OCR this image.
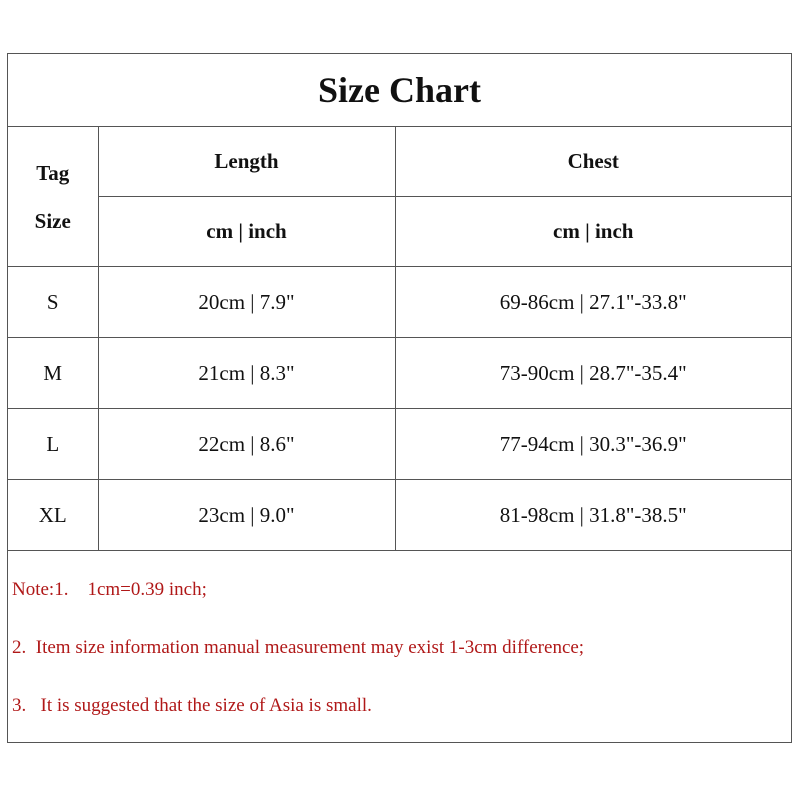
Size Chart
Tag
Size	Length	Chest
	cm | inch	cm | inch
S	20cm | 7.9"	69-86cm | 27.1"-33.8"
M	21cm | 8.3"	73-90cm | 28.7"-35.4"
L	22cm | 8.6"	77-94cm | 30.3"-36.9"
XL	23cm | 9.0"	81-98cm | 31.8"-38.5"
Note:1.    1cm=0.39 inch;
2.  Item size information manual measurement may exist 1-3cm difference;
3.   It is suggested that the size of Asia is small.
